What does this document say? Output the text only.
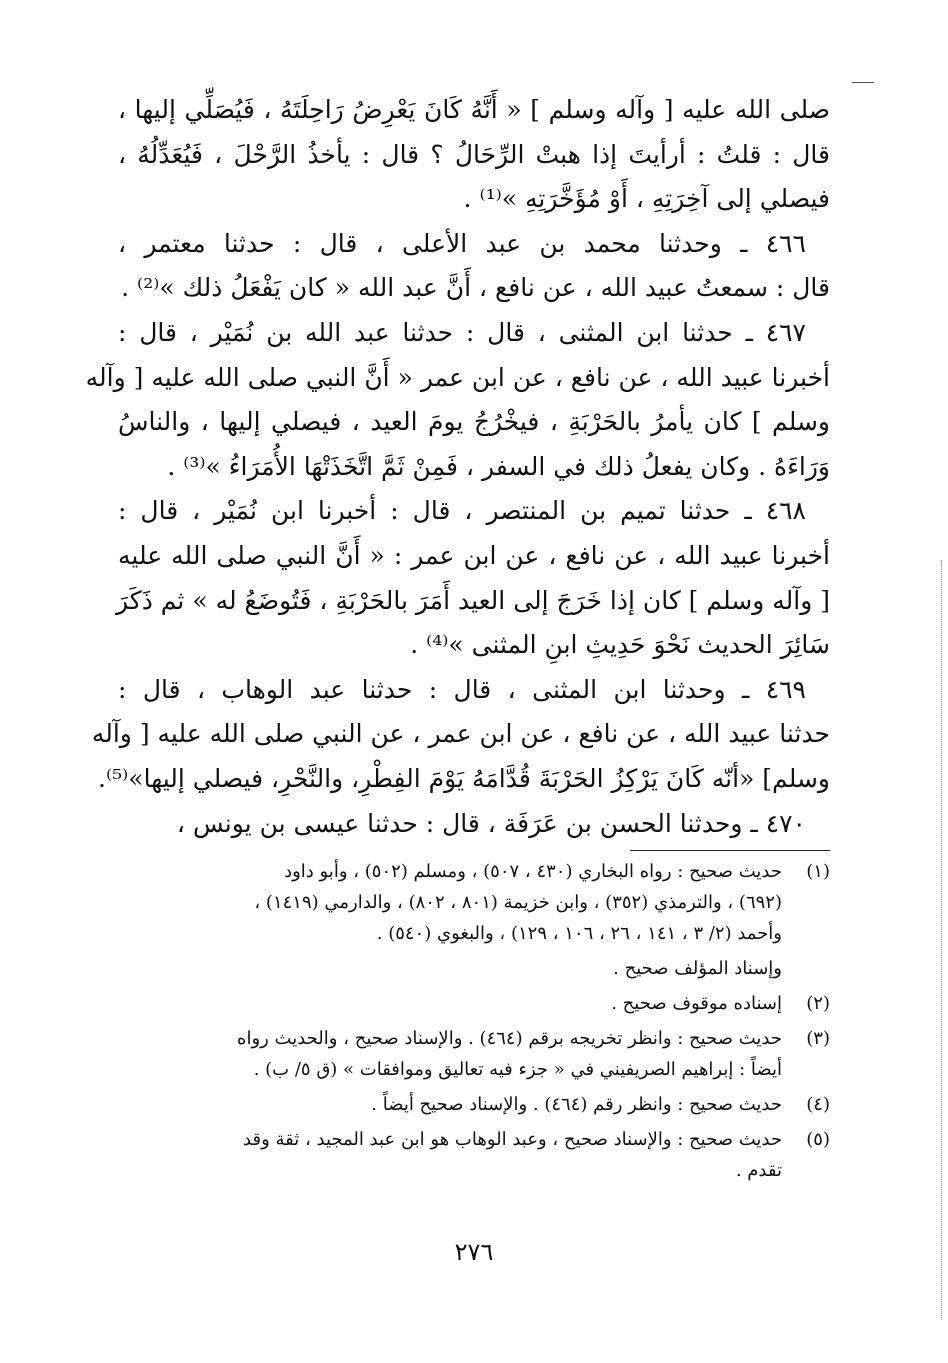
صلى الله عليه [ وآله وسلم ] « أَنَّهُ كَانَ يَعْرِضُ رَاحِلَتَهُ ، فَيُصَلِّي إليها ،
قال : قلتُ : أرأيتَ إذا هبتْ الرِّحَالُ ؟ قال : يأخذُ الرَّحْلَ ، فَيُعَدِّلُهُ ،
فيصلي إلى آخِرَتِهِ ، أَوْ مُؤَخَّرَتِهِ »⁽¹⁾ .
٤٦٦ ـ وحدثنا محمد بن عبد الأعلى ، قال : حدثنا معتمر ،
قال : سمعتُ عبيد الله ، عن نافع ، أَنَّ عبد الله « كان يَفْعَلُ ذلك »⁽²⁾ .
٤٦٧ ـ حدثنا ابن المثنى ، قال : حدثنا عبد الله بن نُمَيْر ، قال :
أخبرنا عبيد الله ، عن نافع ، عن ابن عمر « أَنَّ النبي صلى الله عليه [ وآله
وسلم ] كان يأمرُ بالحَرْبَةِ ، فيخْرُجُ يومَ العيد ، فيصلي إليها ، والناسُ
وَرَاءَهُ . وكان يفعلُ ذلك في السفر ، فَمِنْ ثَمَّ اتَّخَذَتْهَا الأُمَرَاءُ »⁽³⁾ .
٤٦٨ ـ حدثنا تميم بن المنتصر ، قال : أخبرنا ابن نُمَيْر ، قال :
أخبرنا عبيد الله ، عن نافع ، عن ابن عمر : « أَنَّ النبي صلى الله عليه
[ وآله وسلم ] كان إذا خَرَجَ إلى العيد أَمَرَ بالحَرْبَةِ ، فَتُوضَعُ له » ثم ذَكَرَ
سَائِرَ الحديث نَحْوَ حَدِيثِ ابنِ المثنى »⁽⁴⁾ .
٤٦٩ ـ وحدثنا ابن المثنى ، قال : حدثنا عبد الوهاب ، قال :
حدثنا عبيد الله ، عن نافع ، عن ابن عمر ، عن النبي صلى الله عليه [ وآله
وسلم] «أنّه كَانَ يَرْكِزُ الحَرْبَةَ قُدَّامَهُ يَوْمَ الفِطْرِ، والنَّحْرِ، فيصلي إليها»⁽⁵⁾.
٤٧٠ ـ وحدثنا الحسن بن عَرَفَة ، قال : حدثنا عيسى بن يونس ،
(١)
حديث صحيح : رواه البخاري (٤٣٠ ، ٥٠٧) ، ومسلم (٥٠٢) ، وأبو داود
(٦٩٢) ، والترمذي (٣٥٢) ، وابن خزيمة (٨٠١ ، ٨٠٢) ، والدارمي (١٤١٩) ،
وأحمد (٢/ ٣ ، ١٤١ ، ٢٦ ، ١٠٦ ، ١٢٩) ، والبغوي (٥٤٠) .
وإسناد المؤلف صحيح .
(٢)
إسناده موقوف صحيح .
(٣)
حديث صحيح : وانظر تخريجه برقم (٤٦٤) . والإسناد صحيح ، والحديث رواه
أيضاً : إبراهيم الصريفيني في « جزء فيه تعاليق وموافقات » (ق ٥/ ب) .
(٤)
حديث صحيح : وانظر رقم (٤٦٤) . والإسناد صحيح أيضاً .
(٥)
حديث صحيح : والإسناد صحيح ، وعبد الوهاب هو ابن عبد المجيد ، ثقة وقد
تقدم .
٢٧٦
